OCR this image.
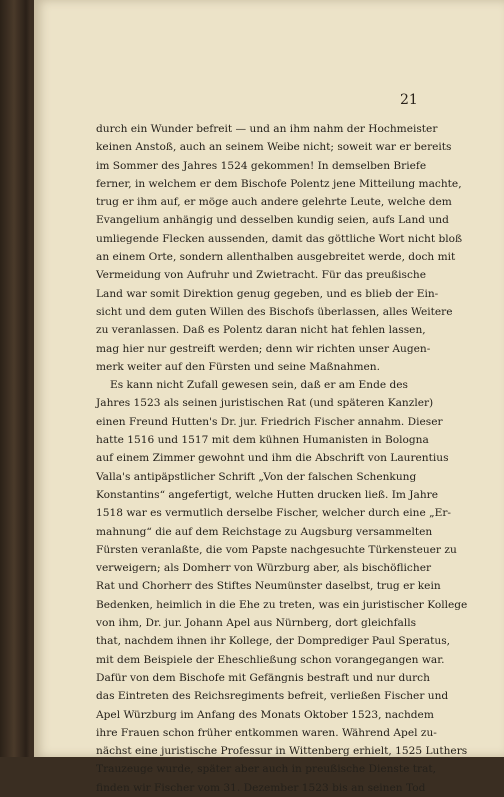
21
durch ein Wunder befreit — und an ihm nahm der Hochmeister
keinen Anstoß, auch an seinem Weibe nicht; soweit war er bereits
im Sommer des Jahres 1524 gekommen! In demselben Briefe
ferner, in welchem er dem Bischofe Polentz jene Mitteilung machte,
trug er ihm auf, er möge auch andere gelehrte Leute, welche dem
Evangelium anhängig und desselben kundig seien, aufs Land und
umliegende Flecken aussenden, damit das göttliche Wort nicht bloß
an einem Orte, sondern allenthalben ausgebreitet werde, doch mit
Vermeidung von Aufruhr und Zwietracht. Für das preußische
Land war somit Direktion genug gegeben, und es blieb der Ein-
sicht und dem guten Willen des Bischofs überlassen, alles Weitere
zu veranlassen. Daß es Polentz daran nicht hat fehlen lassen,
mag hier nur gestreift werden; denn wir richten unser Augen-
merk weiter auf den Fürsten und seine Maßnahmen.
Es kann nicht Zufall gewesen sein, daß er am Ende des
Jahres 1523 als seinen juristischen Rat (und späteren Kanzler)
einen Freund Hutten's Dr. jur. Friedrich Fischer annahm. Dieser
hatte 1516 und 1517 mit dem kühnen Humanisten in Bologna
auf einem Zimmer gewohnt und ihm die Abschrift von Laurentius
Valla's antipäpstlicher Schrift „Von der falschen Schenkung
Konstantins“ angefertigt, welche Hutten drucken ließ. Im Jahre
1518 war es vermutlich derselbe Fischer, welcher durch eine „Er-
mahnung“ die auf dem Reichstage zu Augsburg versammelten
Fürsten veranlaßte, die vom Papste nachgesuchte Türkensteuer zu
verweigern; als Domherr von Würzburg aber, als bischöflicher
Rat und Chorherr des Stiftes Neumünster daselbst, trug er kein
Bedenken, heimlich in die Ehe zu treten, was ein juristischer Kollege
von ihm, Dr. jur. Johann Apel aus Nürnberg, dort gleichfalls
that, nachdem ihnen ihr Kollege, der Domprediger Paul Speratus,
mit dem Beispiele der Eheschließung schon vorangegangen war.
Dafür von dem Bischofe mit Gefängnis bestraft und nur durch
das Eintreten des Reichsregiments befreit, verließen Fischer und
Apel Würzburg im Anfang des Monats Oktober 1523, nachdem
ihre Frauen schon früher entkommen waren. Während Apel zu-
nächst eine juristische Professur in Wittenberg erhielt, 1525 Luthers
Trauzeuge wurde, später aber auch in preußische Dienste trat,
finden wir Fischer vom 31. Dezember 1523 bis an seinen Tod
